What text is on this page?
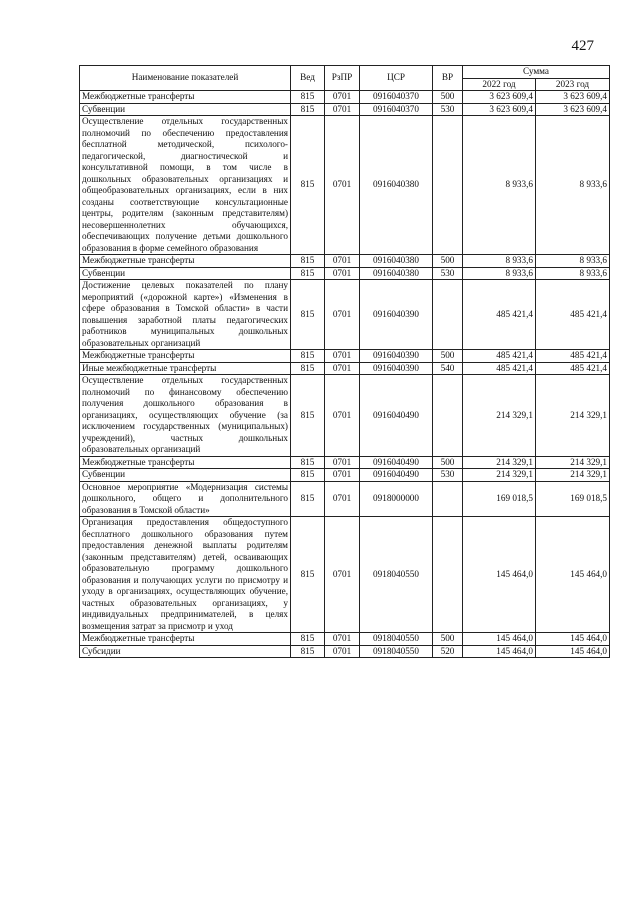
427
Наименование показателей	Вед	РзПР	ЦСР	ВР	Сумма	
					2022 год	2023 год
Межбюджетные трансферты	815	0701	0916040370	500	3 623 609,4	3 623 609,4
Субвенции	815	0701	0916040370	530	3 623 609,4	3 623 609,4
Осуществление отдельных государственных полномочий по обеспечению предоставления бесплатной методической, психолого-педагогической, диагностической и консультативной помощи, в том числе в дошкольных образовательных организациях и общеобразовательных организациях, если в них созданы соответствующие консультационные центры, родителям (законным представителям) несовершеннолетних обучающихся, обеспечивающих получение детьми дошкольного образования в форме семейного образования	815	0701	0916040380		8 933,6	8 933,6
Межбюджетные трансферты	815	0701	0916040380	500	8 933,6	8 933,6
Субвенции	815	0701	0916040380	530	8 933,6	8 933,6
Достижение целевых показателей по плану мероприятий («дорожной карте») «Изменения в сфере образования в Томской области» в части повышения заработной платы педагогических работников муниципальных дошкольных образовательных организаций	815	0701	0916040390		485 421,4	485 421,4
Межбюджетные трансферты	815	0701	0916040390	500	485 421,4	485 421,4
Иные межбюджетные трансферты	815	0701	0916040390	540	485 421,4	485 421,4
Осуществление отдельных государственных полномочий по финансовому обеспечению получения дошкольного образования в организациях, осуществляющих обучение (за исключением государственных (муниципальных) учреждений), частных дошкольных образовательных организаций	815	0701	0916040490		214 329,1	214 329,1
Межбюджетные трансферты	815	0701	0916040490	500	214 329,1	214 329,1
Субвенции	815	0701	0916040490	530	214 329,1	214 329,1
Основное мероприятие «Модернизация системы дошкольного, общего и дополнительного образования в Томской области»	815	0701	0918000000		169 018,5	169 018,5
Организация предоставления общедоступного бесплатного дошкольного образования путем предоставления денежной выплаты родителям (законным представителям) детей, осваивающих образовательную программу дошкольного образования и получающих услуги по присмотру и уходу в организациях, осуществляющих обучение, частных образовательных организациях, у индивидуальных предпринимателей, в целях возмещения затрат за присмотр и уход	815	0701	0918040550		145 464,0	145 464,0
Межбюджетные трансферты	815	0701	0918040550	500	145 464,0	145 464,0
Субсидии	815	0701	0918040550	520	145 464,0	145 464,0
